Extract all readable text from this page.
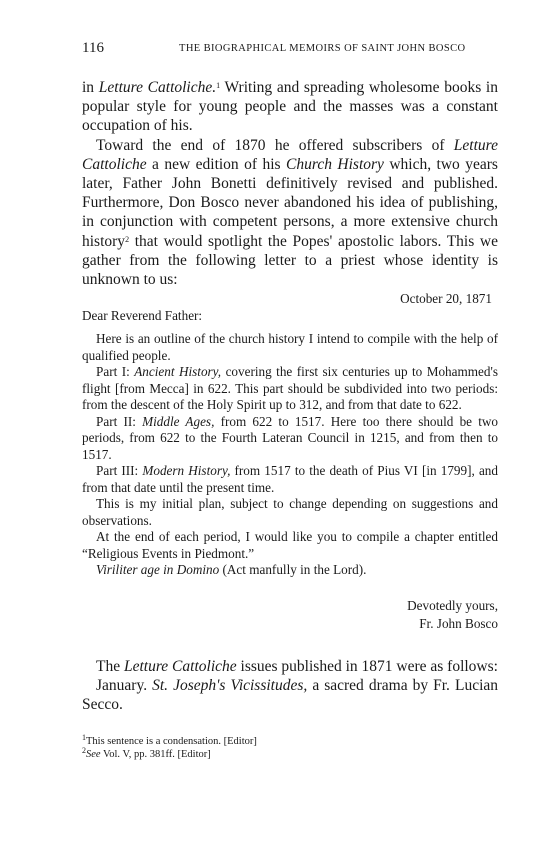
116	THE BIOGRAPHICAL MEMOIRS OF SAINT JOHN BOSCO

in Letture Cattoliche.$^1$ Writing and spreading wholesome books in popular style for young people and the masses was a constant occupation of his.

Toward the end of 1870 he offered subscribers of Letture Cattoliche a new edition of his Church History which, two years later, Father John Bonetti definitively revised and published. Furthermore, Don Bosco never abandoned his idea of publishing, in conjunction with competent persons, a more extensive church history$^2$ that would spotlight the Popes' apostolic labors. This we gather from the following letter to a priest whose identity is unknown to us:

October 20, 1871
Dear Reverend Father:

Here is an outline of the church history I intend to compile with the help of qualified people.

Part I: Ancient History, covering the first six centuries up to Mohammed's flight [from Mecca] in 622. This part should be subdivided into two periods: from the descent of the Holy Spirit up to 312, and from that date to 622.

Part II: Middle Ages, from 622 to 1517. Here too there should be two periods, from 622 to the Fourth Lateran Council in 1215, and from then to 1517.

Part III: Modern History, from 1517 to the death of Pius VI [in 1799], and from that date until the present time.

This is my initial plan, subject to change depending on suggestions and observations.

At the end of each period, I would like you to compile a chapter entitled “Religious Events in Piedmont.”

Viriliter age in Domino (Act manfully in the Lord).

Devotedly yours,
Fr. John Bosco

The Letture Cattoliche issues published in 1871 were as follows:

January. St. Joseph's Vicissitudes, a sacred drama by Fr. Lucian Secco.

$^1$This sentence is a condensation. [Editor]

$^2$See Vol. V, pp. 381ff. [Editor]
